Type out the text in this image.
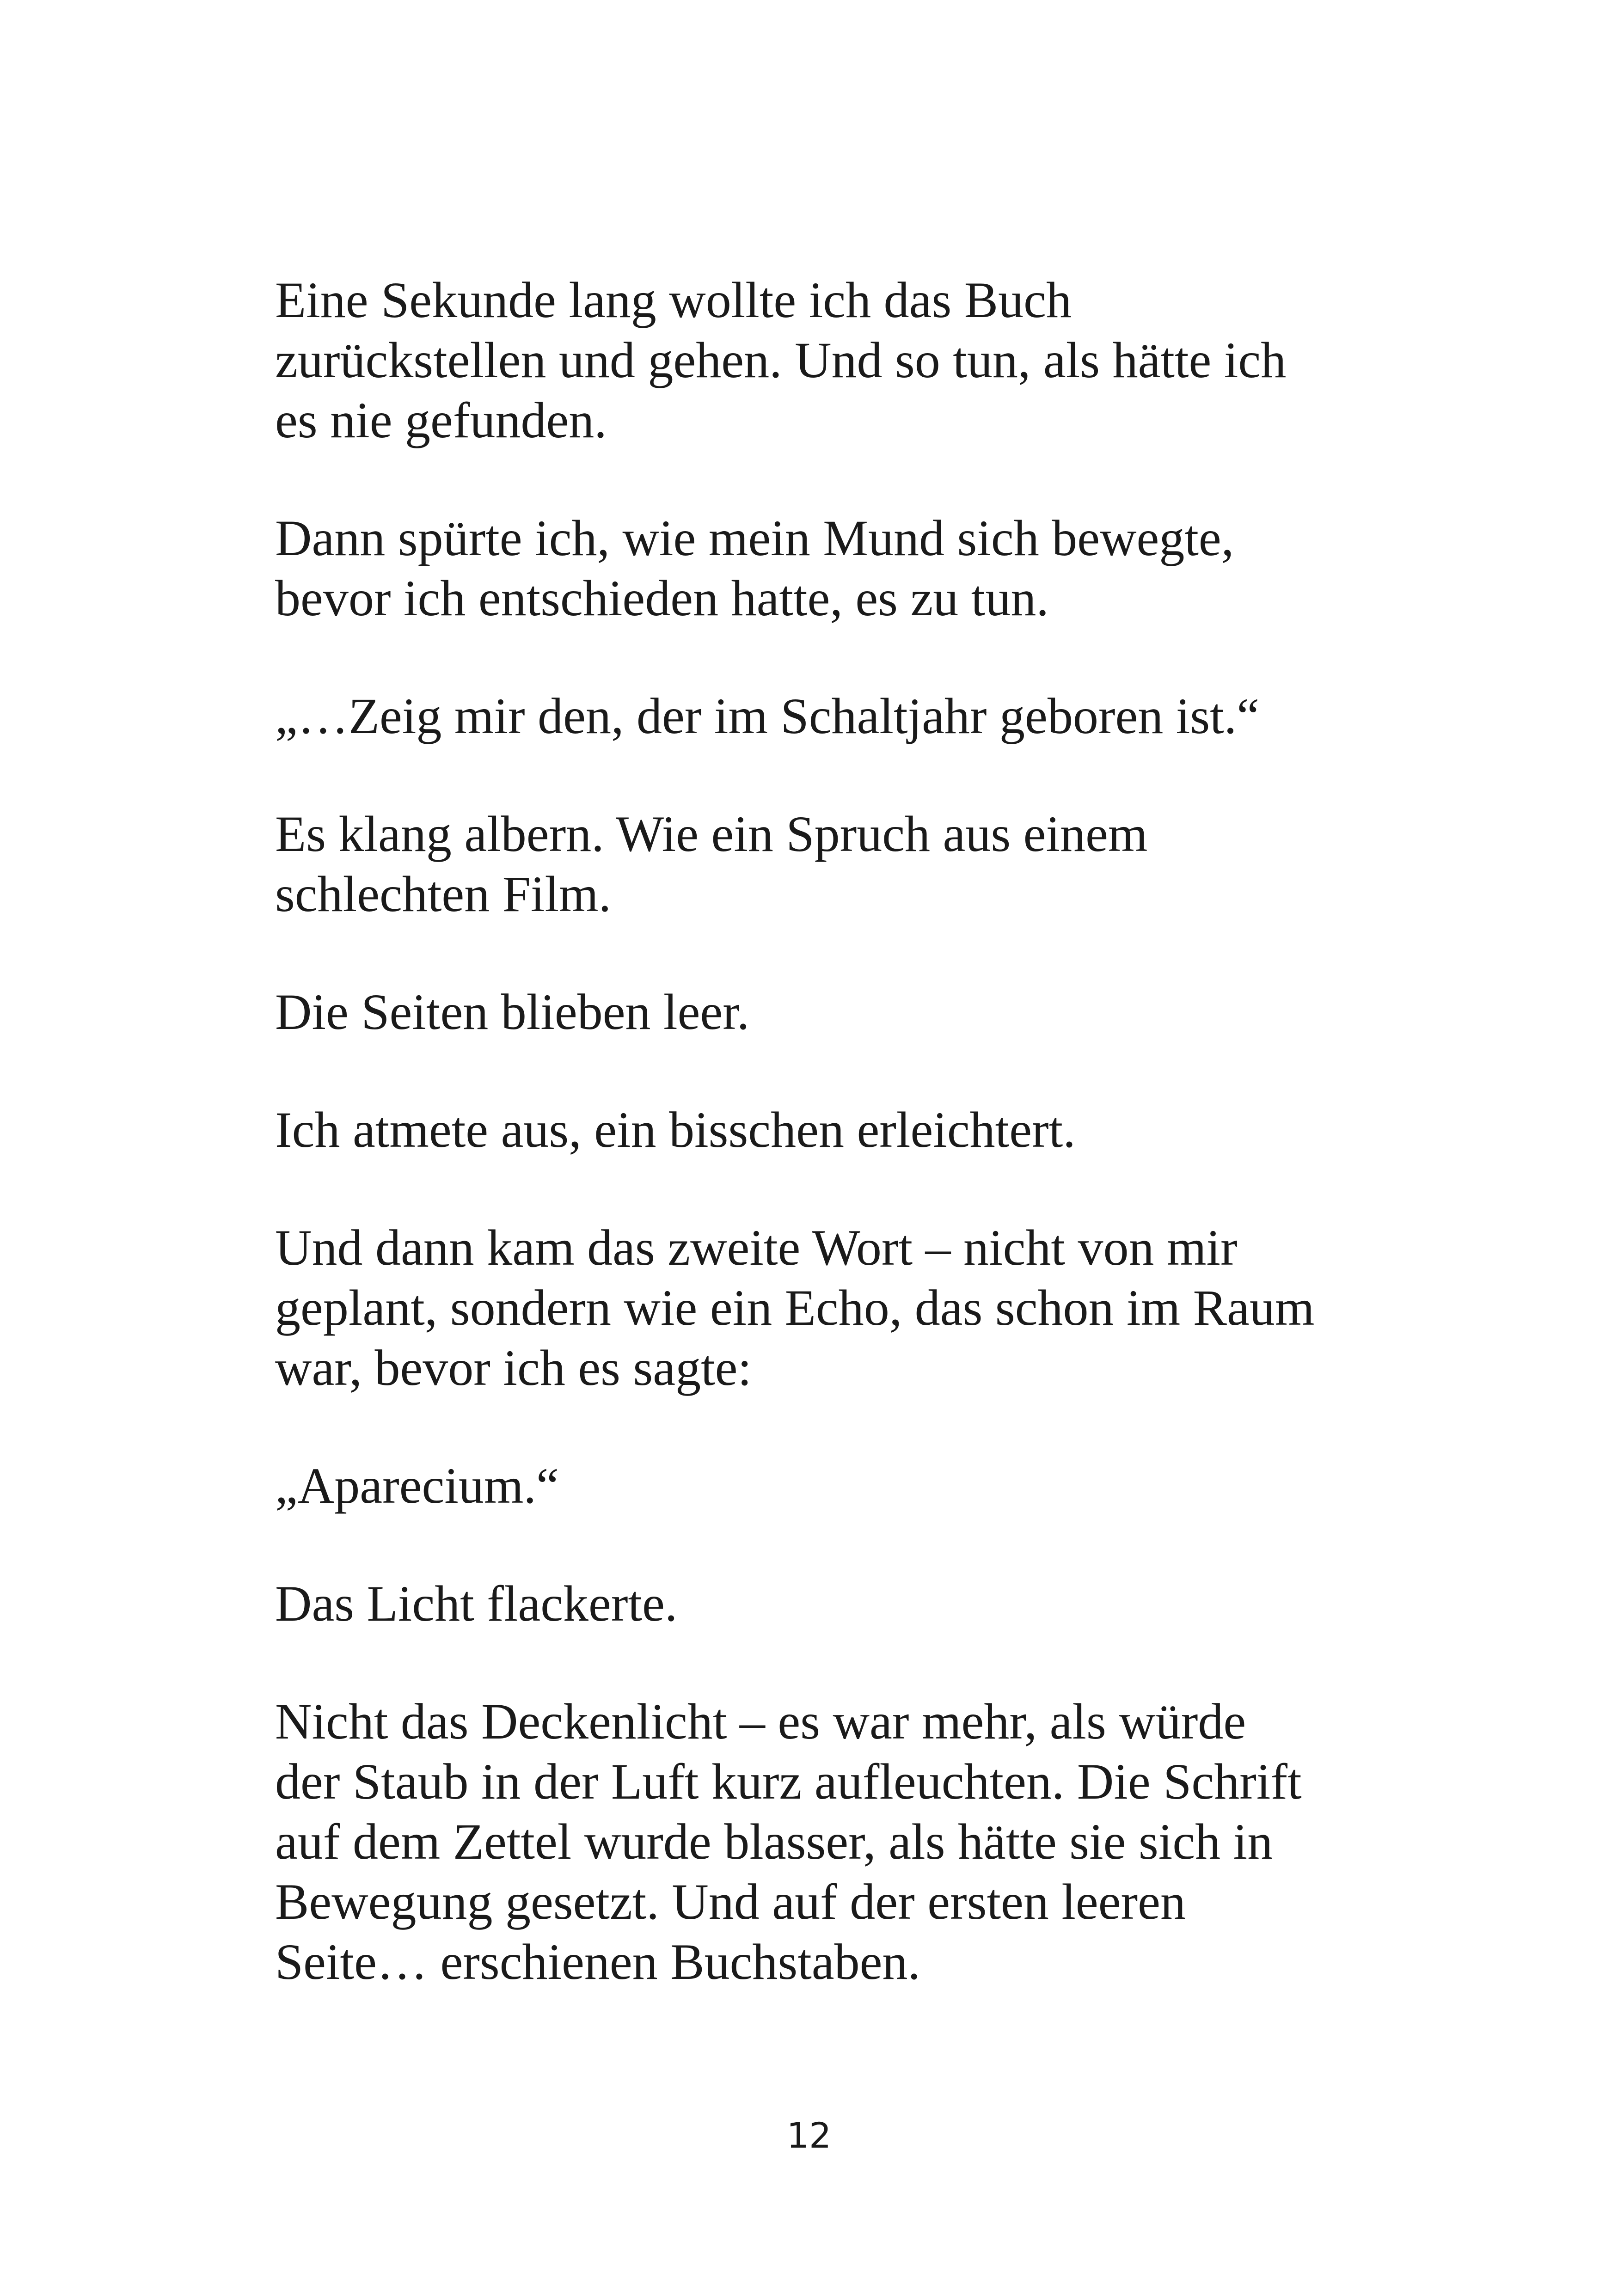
Eine Sekunde lang wollte ich das Buch
zurückstellen und gehen. Und so tun, als hätte ich
es nie gefunden.

Dann spürte ich, wie mein Mund sich bewegte,
bevor ich entschieden hatte, es zu tun.

„…Zeig mir den, der im Schaltjahr geboren ist.“

Es klang albern. Wie ein Spruch aus einem
schlechten Film.

Die Seiten blieben leer.

Ich atmete aus, ein bisschen erleichtert.

Und dann kam das zweite Wort – nicht von mir
geplant, sondern wie ein Echo, das schon im Raum
war, bevor ich es sagte:

„Aparecium.“

Das Licht flackerte.

Nicht das Deckenlicht – es war mehr, als würde
der Staub in der Luft kurz aufleuchten. Die Schrift
auf dem Zettel wurde blasser, als hätte sie sich in
Bewegung gesetzt. Und auf der ersten leeren
Seite… erschienen Buchstaben.

12
